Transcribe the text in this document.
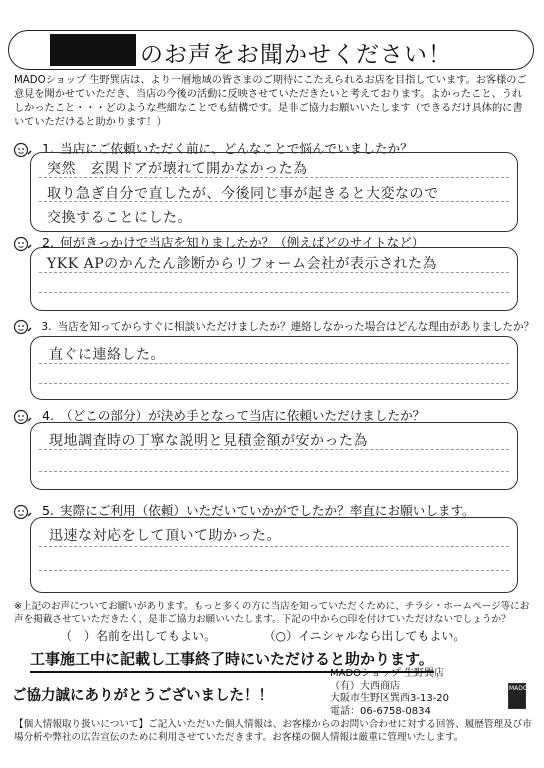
のお声をお聞かせください！
MADOショップ 生野巽店は、より一層地域の皆さまのご期待にこたえられるお店を目指しています。お客様のご意見を聞かせていただき、当店の今後の活動に反映させていただきたいと考えております。よかったこと、うれしかったこと・・・どのような些細なことでも結構です。是非ご協力お願いいたします（できるだけ具体的に書いていただけると助かります！）
1. 当店にご依頼いただく前に、どんなことで悩んでいましたか？
突然　玄関ドアが壊れて開かなかった為
取り急ぎ自分で直したが、今後同じ事が起きると大変なので
交換することにした。
2. 何がきっかけで当店を知りましたか？（例えばどのサイトなど）
YKK APのかんたん診断からリフォーム会社が表示された為
3. 当店を知ってからすぐに相談いただけましたか？連絡しなかった場合はどんな理由がありましたか？
直ぐに連絡した。
4. （どこの部分）が決め手となって当店に依頼いただけましたか？
現地調査時の丁寧な説明と見積金額が安かった為
5. 実際にご利用（依頼）いただいていかがでしたか？率直にお願いします。
迅速な対応をして頂いて助かった。
※上記のお声についてお願いがあります。もっと多くの方に当店を知っていただくために、チラシ・ホームページ等にお声を掲載させていただきたく、是非ご協力お願いいたします。下記の中から○印を付けていただけないでしょうか？
（　）名前を出してもよい。	（○）イニシャルなら出してもよい。
工事施工中に記載し工事終了時にいただけると助かります。
ご協力誠にありがとうございました！！
MADOショップ 生野巽店
（有）大西商店
大阪市生野区巽西3-13-20
電話：06-6758-0834
MADO
【個人情報取り扱いについて】ご記入いただいた個人情報は、お客様からのお問い合わせに対する回答、履歴管理及び市場分析や弊社の広告宣伝のために利用させていただきます。お客様の個人情報は厳重に管理いたします。
